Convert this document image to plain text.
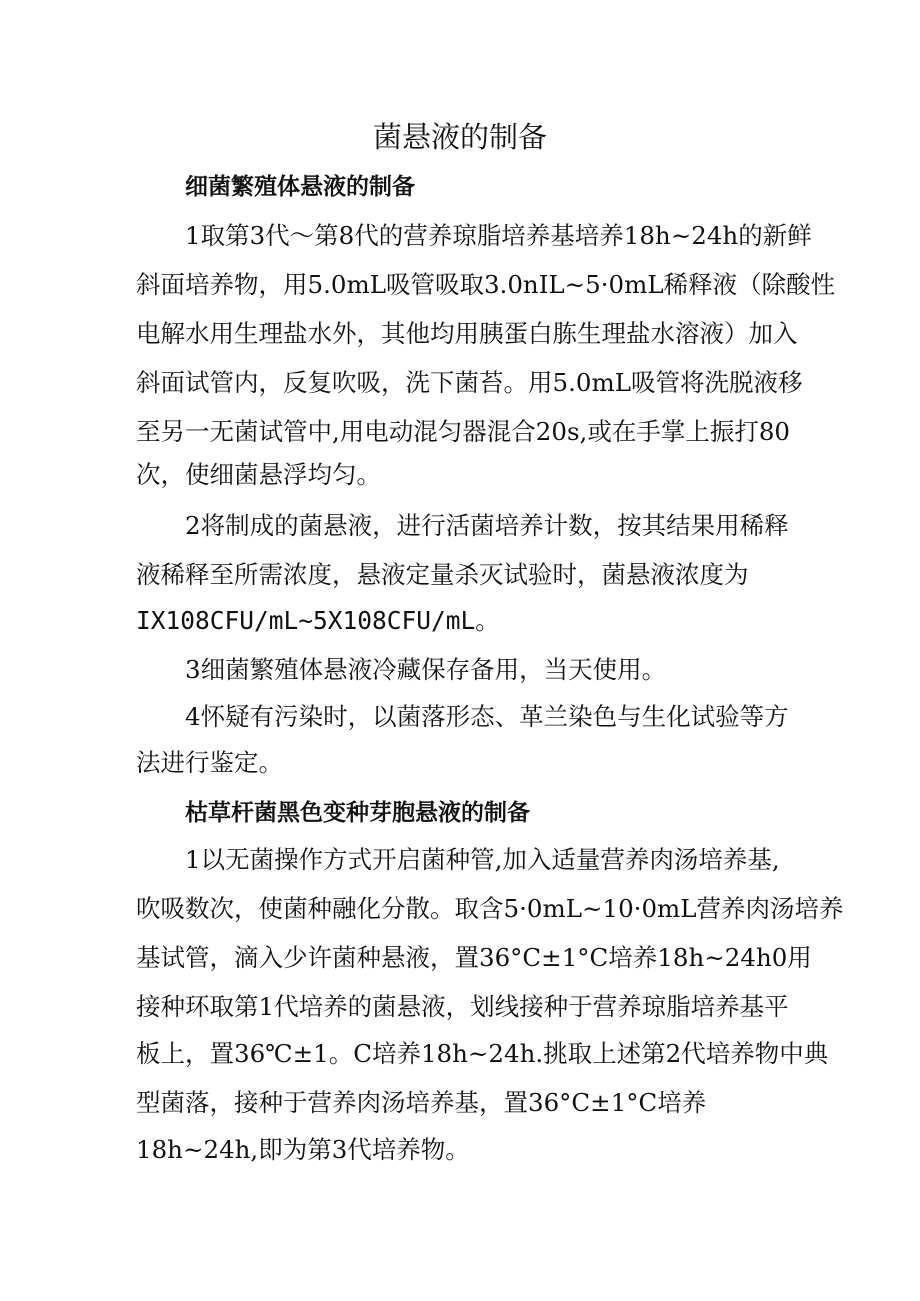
菌悬液的制备

细菌繁殖体悬液的制备

1取第3代～第8代的营养琼脂培养基培养18h~24h的新鲜

斜面培养物，用5.0mL吸管吸取3.0nIL~5·0mL稀释液（除酸性

电解水用生理盐水外，其他均用胰蛋白胨生理盐水溶液）加入

斜面试管内，反复吹吸，洗下菌苔。用5.0mL吸管将洗脱液移

至另一无菌试管中,用电动混匀器混合20s,或在手掌上振打80

次，使细菌悬浮均匀。

2将制成的菌悬液，进行活菌培养计数，按其结果用稀释

液稀释至所需浓度，悬液定量杀灭试验时，菌悬液浓度为

IX108CFU/mL~5X108CFU/mL。

3细菌繁殖体悬液冷藏保存备用，当天使用。

4怀疑有污染时，以菌落形态、革兰染色与生化试验等方

法进行鉴定。

枯草杆菌黑色变种芽胞悬液的制备

1以无菌操作方式开启菌种管,加入适量营养肉汤培养基,

吹吸数次，使菌种融化分散。取含5·0mL~10·0mL营养肉汤培养

基试管，滴入少许菌种悬液，置36°C±1°C培养18h~24h0用

接种环取第1代培养的菌悬液，划线接种于营养琼脂培养基平

板上，置36℃±1。C培养18h~24h.挑取上述第2代培养物中典

型菌落，接种于营养肉汤培养基，置36°C±1°C培养

18h~24h,即为第3代培养物。
